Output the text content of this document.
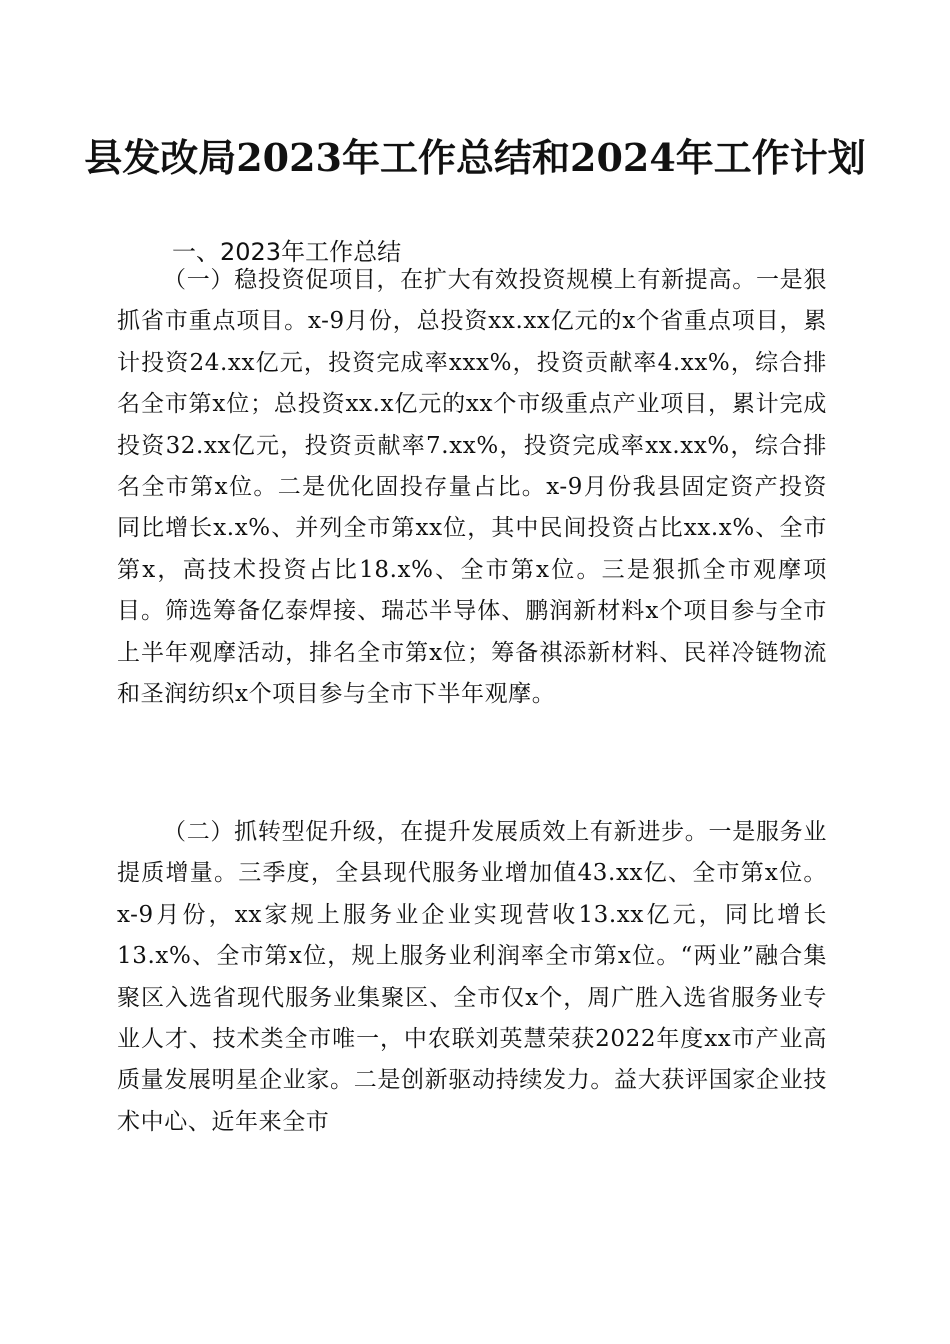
县发改局2023年工作总结和2024年工作计划
一、2023年工作总结

（一）稳投资促项目，在扩大有效投资规模上有新提高。一是狠抓省市重点项目。x-9月份，总投资xx.xx亿元的x个省重点项目，累计投资24.xx亿元，投资完成率xxx%，投资贡献率4.xx%，综合排名全市第x位；总投资xx.x亿元的xx个市级重点产业项目，累计完成投资32.xx亿元，投资贡献率7.xx%，投资完成率xx.xx%，综合排名全市第x位。二是优化固投存量占比。x-9月份我县固定资产投资同比增长x.x%、并列全市第xx位，其中民间投资占比xx.x%、全市第x，高技术投资占比18.x%、全市第x位。三是狠抓全市观摩项目。筛选筹备亿泰焊接、瑞芯半导体、鹏润新材料x个项目参与全市上半年观摩活动，排名全市第x位；筹备祺添新材料、民祥冷链物流和圣润纺织x个项目参与全市下半年观摩。

（二）抓转型促升级，在提升发展质效上有新进步。一是服务业提质增量。三季度，全县现代服务业增加值43.xx亿、全市第x位。x-9月份，xx家规上服务业企业实现营收13.xx亿元，同比增长13.x%、全市第x位，规上服务业利润率全市第x位。“两业”融合集聚区入选省现代服务业集聚区、全市仅x个，周广胜入选省服务业专业人才、技术类全市唯一，中农联刘英慧荣获2022年度xx市产业高质量发展明星企业家。二是创新驱动持续发力。益大获评国家企业技术中心、近年来全市
